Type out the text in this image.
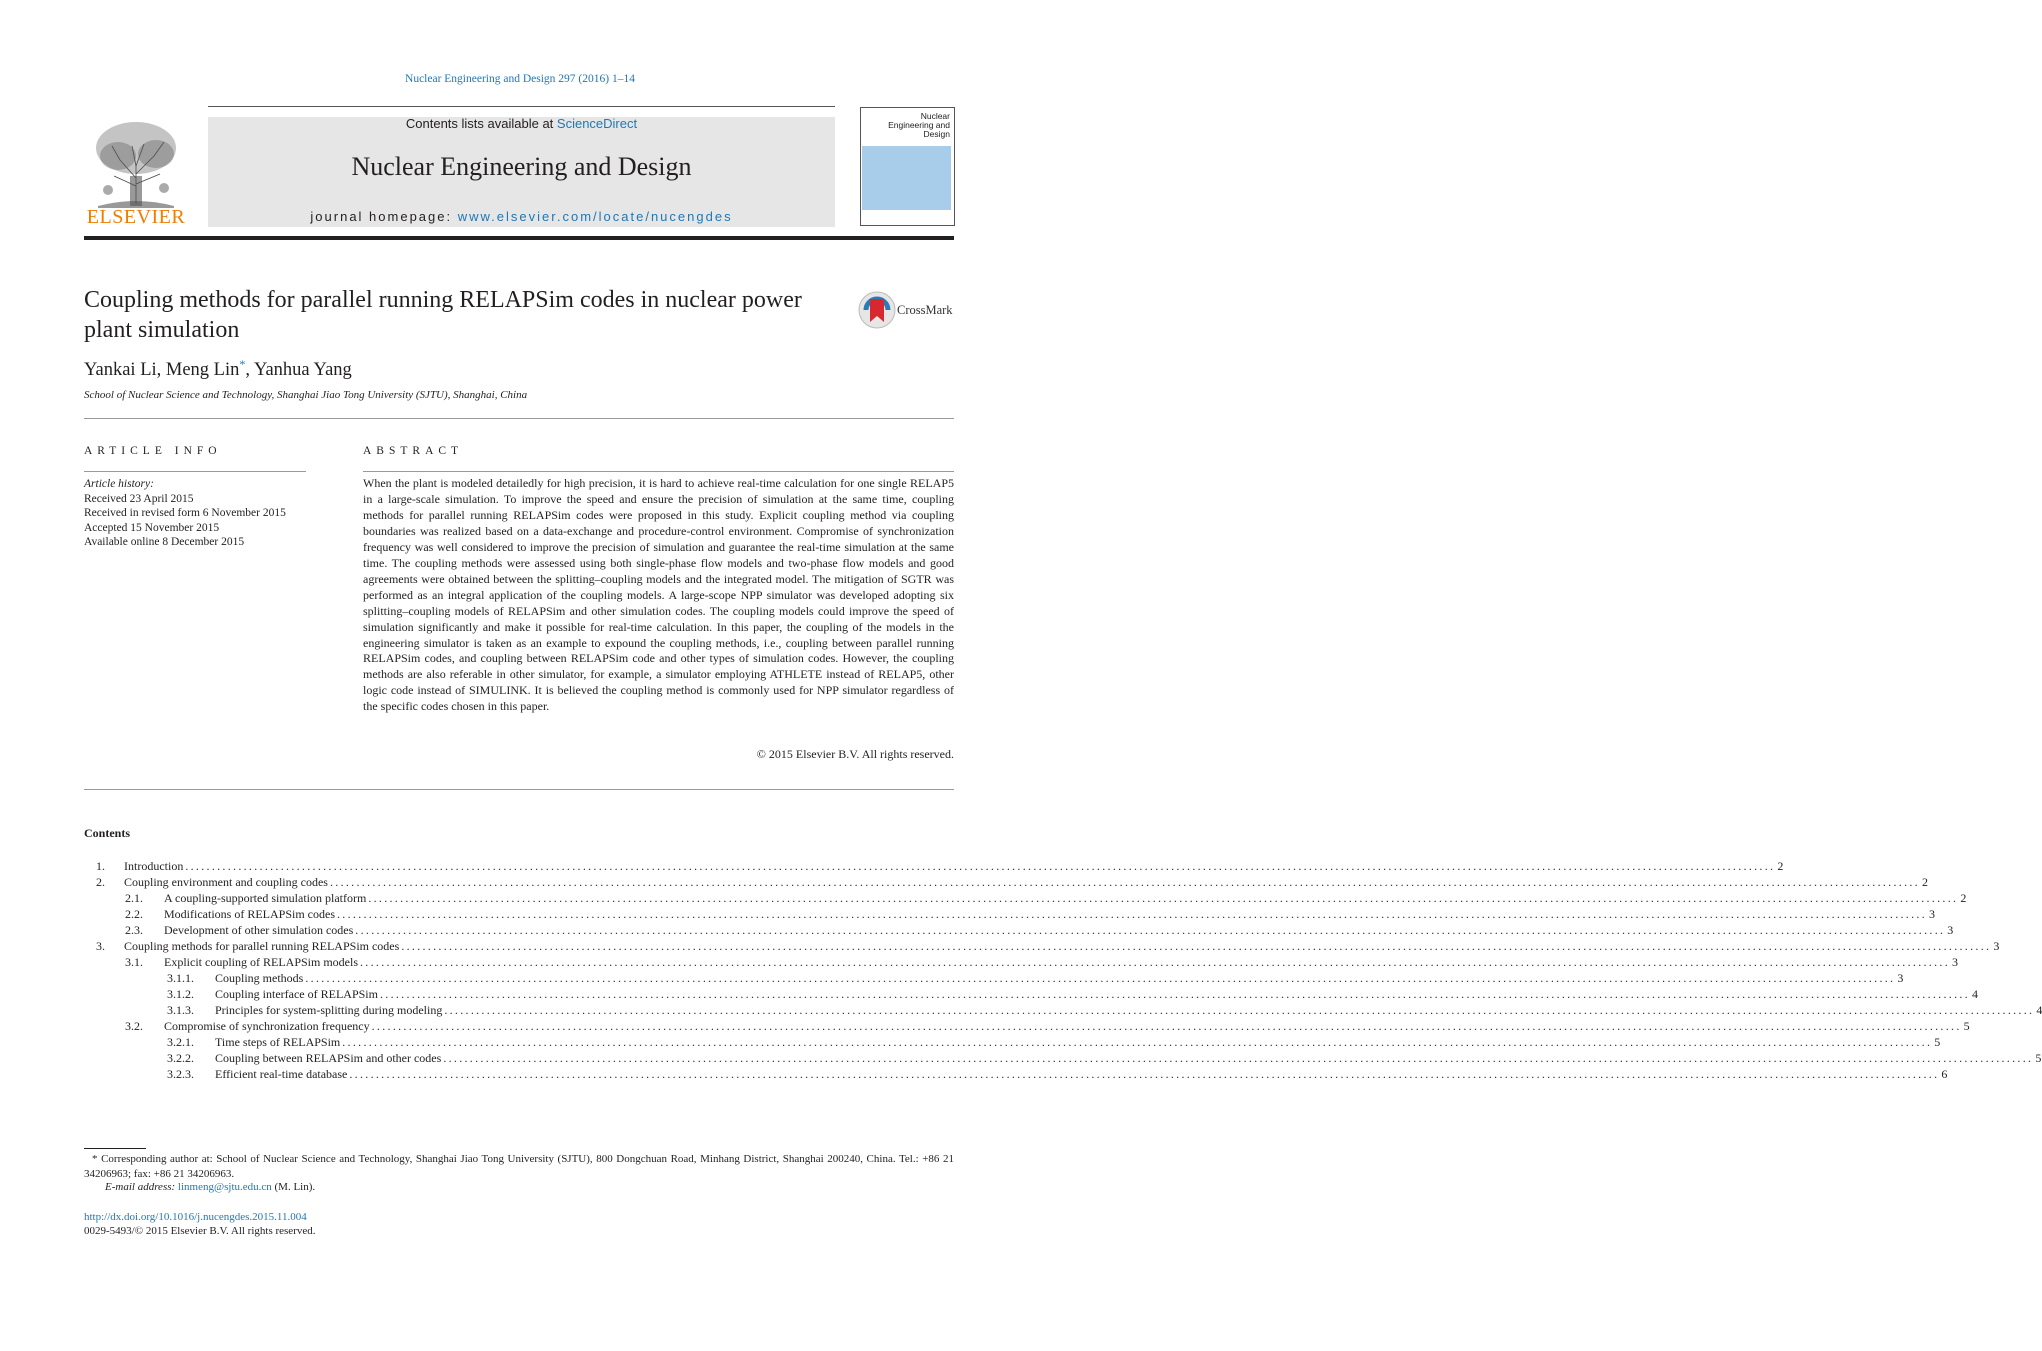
Nuclear Engineering and Design 297 (2016) 1–14
ELSEVIER
Contents lists available at ScienceDirect
Nuclear Engineering and Design
journal homepage: www.elsevier.com/locate/nucengdes
Nuclear Engineering and Design
Coupling methods for parallel running RELAPSim codes in nuclear power plant simulation
CrossMark
Yankai Li, Meng Lin*, Yanhua Yang
School of Nuclear Science and Technology, Shanghai Jiao Tong University (SJTU), Shanghai, China
ARTICLE INFO
Article history:
Received 23 April 2015
Received in revised form 6 November 2015
Accepted 15 November 2015
Available online 8 December 2015
ABSTRACT
When the plant is modeled detailedly for high precision, it is hard to achieve real-time calculation for one single RELAP5 in a large-scale simulation. To improve the speed and ensure the precision of simulation at the same time, coupling methods for parallel running RELAPSim codes were proposed in this study. Explicit coupling method via coupling boundaries was realized based on a data-exchange and procedure-control environment. Compromise of synchronization frequency was well considered to improve the precision of simulation and guarantee the real-time simulation at the same time. The coupling methods were assessed using both single-phase flow models and two-phase flow models and good agreements were obtained between the splitting–coupling models and the integrated model. The mitigation of SGTR was performed as an integral application of the coupling models. A large-scope NPP simulator was developed adopting six splitting–coupling models of RELAPSim and other simulation codes. The coupling models could improve the speed of simulation significantly and make it possible for real-time calculation. In this paper, the coupling of the models in the engineering simulator is taken as an example to expound the coupling methods, i.e., coupling between parallel running RELAPSim codes, and coupling between RELAPSim code and other types of simulation codes. However, the coupling methods are also referable in other simulator, for example, a simulator employing ATHLETE instead of RELAP5, other logic code instead of SIMULINK. It is believed the coupling method is commonly used for NPP simulator regardless of the specific codes chosen in this paper.
© 2015 Elsevier B.V. All rights reserved.
Contents
1. Introduction ............................................................................................................................................................................................................................................................................................................ 2
2. Coupling environment and coupling codes ............................................................................................................................................................................................................................................................................................................ 2
2.1. A coupling-supported simulation platform ............................................................................................................................................................................................................................................................................................................ 2
2.2. Modifications of RELAPSim codes ............................................................................................................................................................................................................................................................................................................ 3
2.3. Development of other simulation codes ............................................................................................................................................................................................................................................................................................................ 3
3. Coupling methods for parallel running RELAPSim codes ............................................................................................................................................................................................................................................................................................................ 3
3.1. Explicit coupling of RELAPSim models ............................................................................................................................................................................................................................................................................................................ 3
3.1.1. Coupling methods ............................................................................................................................................................................................................................................................................................................ 3
3.1.2. Coupling interface of RELAPSim ............................................................................................................................................................................................................................................................................................................ 4
3.1.3. Principles for system-splitting during modeling ............................................................................................................................................................................................................................................................................................................ 4
3.2. Compromise of synchronization frequency ............................................................................................................................................................................................................................................................................................................ 5
3.2.1. Time steps of RELAPSim ............................................................................................................................................................................................................................................................................................................ 5
3.2.2. Coupling between RELAPSim and other codes ............................................................................................................................................................................................................................................................................................................ 5
3.2.3. Efficient real-time database ............................................................................................................................................................................................................................................................................................................ 6
* Corresponding author at: School of Nuclear Science and Technology, Shanghai Jiao Tong University (SJTU), 800 Dongchuan Road, Minhang District, Shanghai 200240, China. Tel.: +86 21 34206963; fax: +86 21 34206963.
E-mail address: linmeng@sjtu.edu.cn (M. Lin).
http://dx.doi.org/10.1016/j.nucengdes.2015.11.004
0029-5493/© 2015 Elsevier B.V. All rights reserved.
